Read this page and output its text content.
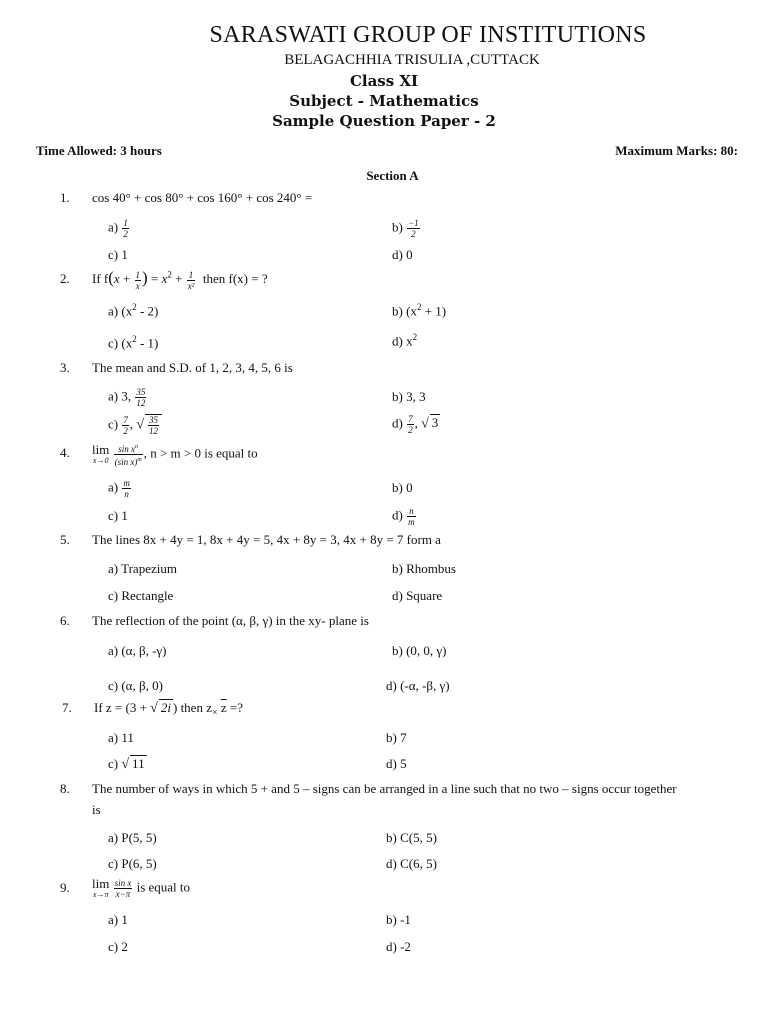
SARASWATI GROUP OF INSTITUTIONS
BELAGACHHIA TRISULIA ,CUTTACK
Class XI
Subject - Mathematics
Sample Question Paper - 2
Time Allowed: 3 hours	Maximum Marks: 80:
Section A
1. cos 40° + cos 80° + cos 160° + cos 240° =
$a) \frac{1}{2}$	$b) \frac{-1}{2}$
c) 1	d) 0
2. If $f(x + \frac{1}{x}$ ) = $x^2 + \frac{1}{\text{x²}}$ then f(x) = ?
a) $(x^2 - 2)$	b) $(x^2 + 1)$
c) $(x^2 - 1)$	d) $x^2$
3. The mean and S.D. of 1, 2, 3, 4, 5, 6 is
a) 3, $\frac{35}{12}$	b) 3, 3
$c) \frac{7}{2}$ , √ $\frac{35}{12}$	$d) \frac{7}{2}$ , √ 3
4. lim
x→0
$\frac{\sin x^n}{(\sin x)^m}$ , n > m > 0 is equal to
$a) \frac{m}{n}$	b) 0
c) 1	$d) \frac{n}{m}$
5. The lines 8x + 4y = 1, 8x + 4y = 5, 4x + 8y = 3, 4x + 8y = 7 form a
a) Trapezium	b) Rhombus
c) Rectangle	d) Square
6. The reflection of the point (α, β, γ) in the xy- plane is
a) (α, β, -γ)	b) (0, 0, γ)
c) (α, β, 0)	d) (-α, -β, γ)
7. If z = (3 + √ 2i ) then $z_\times$ $\overline{z}$ =?
a) 11	b) 7
c) √ 11	d) 5
8. The number of ways in which 5 + and 5 – signs can be arranged in a line such that no two – signs occur together
is
a) P(5, 5)	b) C(5, 5)
c) P(6, 5)	d) C(6, 5)
9. lim
x→π
$\frac{\text{sin x}}{x-\pi}$ is equal to
a) 1	b) -1
c) 2	d) -2
